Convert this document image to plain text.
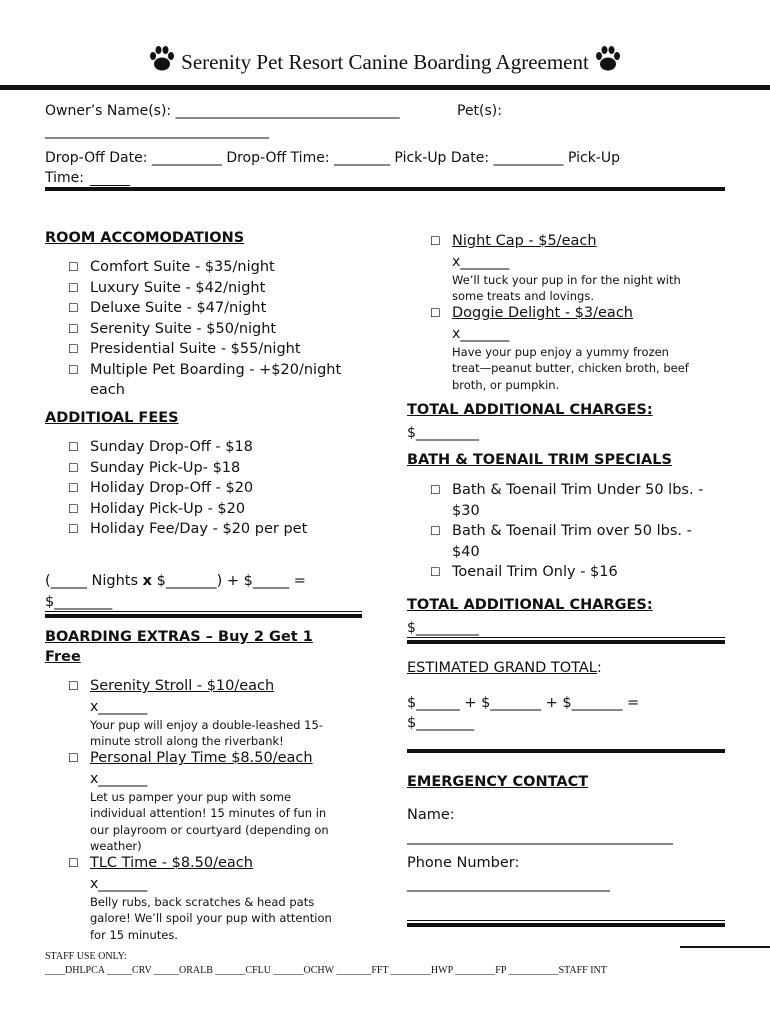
Serenity Pet Resort Canine Boarding Agreement
Owner’s Name(s): ________________________________	Pet(s):
________________________________
Drop-Off Date: __________ Drop-Off Time: ________ Pick-Up Date: __________ Pick-Up
Time:
ROOM ACCOMODATIONS
☐ Comfort Suite - $35/night
☐ Luxury Suite - $42/night
☐ Deluxe Suite - $47/night
☐ Serenity Suite - $50/night
☐ Presidential Suite - $55/night
☐ Multiple Pet Boarding - +$20/night
each
ADDITIOAL FEES
☐ Sunday Drop-Off - $18
☐ Sunday Pick-Up- $18
☐ Holiday Drop-Off - $20
☐ Holiday Pick-Up - $20
☐ Holiday Fee/Day - $20 per pet
(_____ Nights x $_______) + $_____ =
$________
BOARDING EXTRAS – Buy 2 Get 1
Free
☐ Serenity Stroll - $10/each
x_______
Your pup will enjoy a double-leashed 15-
minute stroll along the riverbank!
☐ Personal Play Time $8.50/each
x_______
Let us pamper your pup with some
individual attention! 15 minutes of fun in
our playroom or courtyard (depending on
weather)
☐ TLC Time - $8.50/each
x_______
Belly rubs, back scratches & head pats
galore! We’ll spoil your pup with attention
for 15 minutes.
☐ Night Cap - $5/each
x_______
We’ll tuck your pup in for the night with
some treats and lovings.
☐ Doggie Delight - $3/each
x_______
Have your pup enjoy a yummy frozen
treat—peanut butter, chicken broth, beef
broth, or pumpkin.
TOTAL ADDITIONAL CHARGES:
$_________
BATH & TOENAIL TRIM SPECIALS
☐ Bath & Toenail Trim Under 50 lbs. -
$30
☐ Bath & Toenail Trim over 50 lbs. -
$40
☐ Toenail Trim Only - $16
TOTAL ADDITIONAL CHARGES:
$_________
ESTIMATED GRAND TOTAL:
$______ + $_______ + $_______ =
$________
EMERGENCY CONTACT
Name:
______________________________________
Phone Number:
_____________________________
STAFF USE ONLY:
____DHLPCA _____CRV _____ORALB ______CFLU ______OCHW _______FFT ________HWP ________FP __________STAFF INT
